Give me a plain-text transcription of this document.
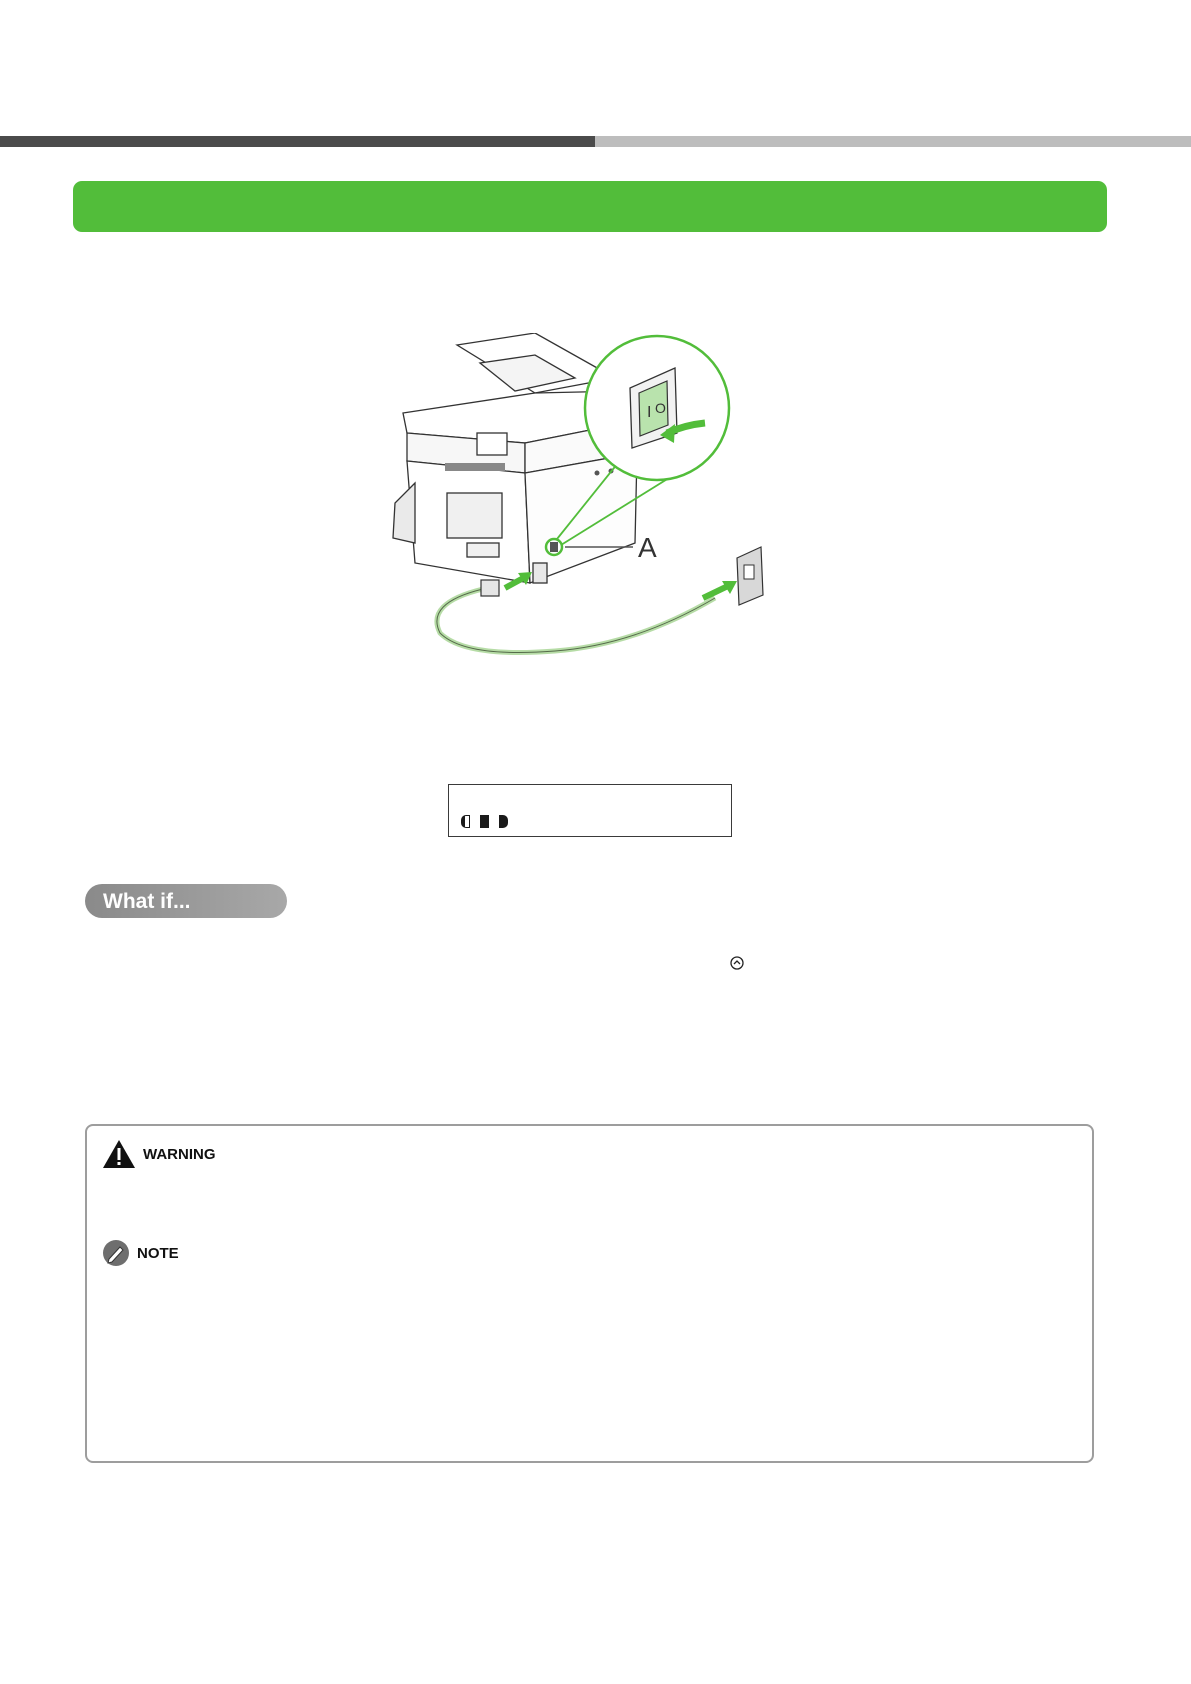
I O
A
What if...
WARNING
NOTE
